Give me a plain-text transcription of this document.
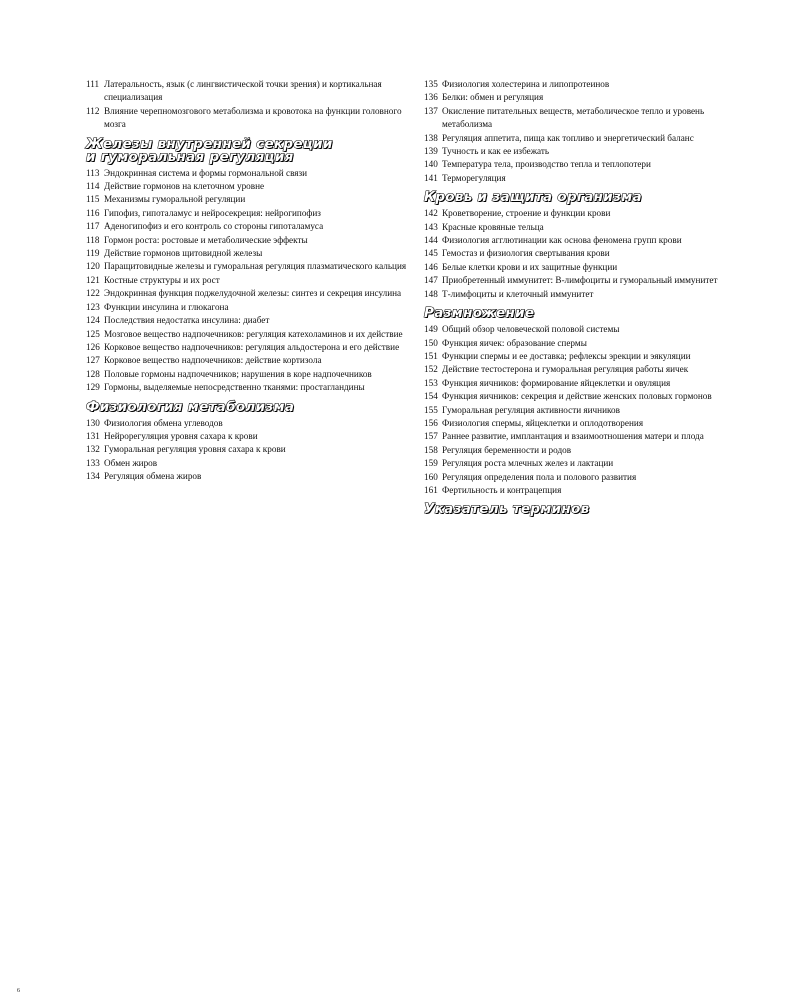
111 Латеральность, язык (с лингвистической точки зрения) и кортикальная специализация
112 Влияние черепномозгового метаболизма и кровотока на функции головного мозга
Железы внутренней секреции
и гуморальная регуляция
113 Эндокринная система и формы гормональной связи
114 Действие гормонов на клеточном уровне
115 Механизмы гуморальной регуляции
116 Гипофиз, гипоталамус и нейросекреция: нейрогипофиз
117 Аденогипофиз и его контроль со стороны гипоталамуса
118 Гормон роста: ростовые и метаболические эффекты
119 Действие гормонов щитовидной железы
120 Паращитовидные железы и гуморальная регуляция плазматического кальция
121 Костные структуры и их рост
122 Эндокринная функция поджелудочной железы: синтез и секреция инсулина
123 Функции инсулина и глюкагона
124 Последствия недостатка инсулина: диабет
125 Мозговое вещество надпочечников: регуляция катехоламинов и их действие
126 Корковое вещество надпочечников: регуляция альдостерона и его действие
127 Корковое вещество надпочечников: действие кортизола
128 Половые гормоны надпочечников; нарушения в коре надпочечников
129 Гормоны, выделяемые непосредственно тканями: простагландины
Физиология метаболизма
130 Физиология обмена углеводов
131 Нейрорегуляция уровня сахара к крови
132 Гуморальная регуляция уровня сахара к крови
133 Обмен жиров
134 Регуляция обмена жиров
135 Физиология холестерина и липопротеинов
136 Белки: обмен и регуляция
137 Окисление питательных веществ, метаболическое тепло и уровень метаболизма
138 Регуляция аппетита, пища как топливо и энергетический баланс
139 Тучность и как ее избежать
140 Температура тела, производство тепла и теплопотери
141 Терморегуляция
Кровь и защита организма
142 Кроветворение, строение и функции крови
143 Красные кровяные тельца
144 Физиология агглютинации как основа феномена групп крови
145 Гемостаз и физиология свертывания крови
146 Белые клетки крови и их защитные функции
147 Приобретенный иммунитет: В-лимфоциты и гуморальный иммунитет
148 Т-лимфоциты и клеточный иммунитет
Размножение
149 Общий обзор человеческой половой системы
150 Функция яичек: образование спермы
151 Функции спермы и ее доставка; рефлексы эрекции и эякуляции
152 Действие тестостерона и гуморальная регуляция работы яичек
153 Функция яичников: формирование яйцеклетки и овуляция
154 Функция яичников: секреция и действие женских половых гормонов
155 Гуморальная регуляция активности яичников
156 Физиология спермы, яйцеклетки и оплодотворения
157 Раннее развитие, имплантация и взаимоотношения матери и плода
158 Регуляция беременности и родов
159 Регуляция роста млечных желез и лактации
160 Регуляция определения пола и полового развития
161 Фертильность и контрацепция
Указатель терминов
6
